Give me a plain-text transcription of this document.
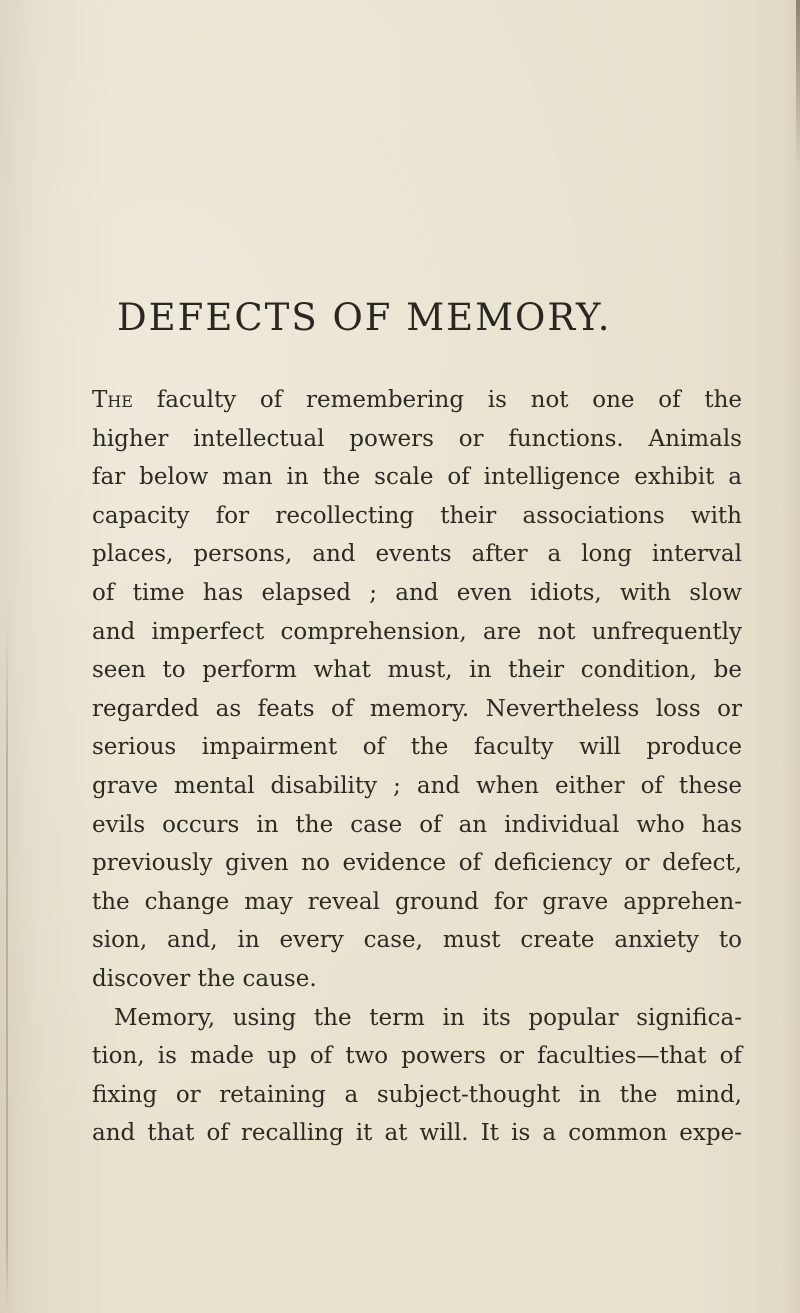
DEFECTS OF MEMORY.
The faculty of remembering is not one of the
higher intellectual powers or functions. Animals
far below man in the scale of intelligence exhibit a
capacity for recollecting their associations with
places, persons, and events after a long interval
of time has elapsed ; and even idiots, with slow
and imperfect comprehension, are not unfrequently
seen to perform what must, in their condition, be
regarded as feats of memory. Nevertheless loss or
serious impairment of the faculty will produce
grave mental disability ; and when either of these
evils occurs in the case of an individual who has
previously given no evidence of deficiency or defect,
the change may reveal ground for grave apprehen-
sion, and, in every case, must create anxiety to
discover the cause.
Memory, using the term in its popular significa-
tion, is made up of two powers or faculties—that of
fixing or retaining a subject-thought in the mind,
and that of recalling it at will. It is a common expe-
